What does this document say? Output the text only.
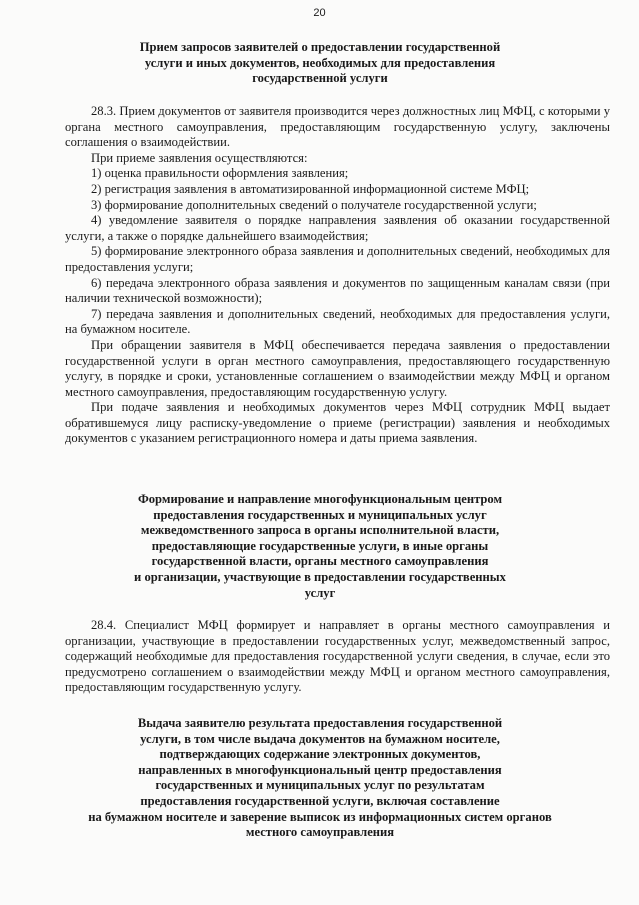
20
Прием запросов заявителей о предоставлении государственной
услуги и иных документов, необходимых для предоставления
государственной услуги

28.3. Прием документов от заявителя производится через должностных лиц МФЦ, с которыми у органа местного самоуправления, предоставляющим государственную услугу, заключены соглашения о взаимодействии.

При приеме заявления осуществляются:

1) оценка правильности оформления заявления;

2) регистрация заявления в автоматизированной информационной системе МФЦ;

3) формирование дополнительных сведений о получателе государственной услуги;

4) уведомление заявителя о порядке направления заявления об оказании государственной услуги, а также о порядке дальнейшего взаимодействия;

5) формирование электронного образа заявления и дополнительных сведений, необходимых для предоставления услуги;

6) передача электронного образа заявления и документов по защищенным каналам связи (при наличии технической возможности);

7) передача заявления и дополнительных сведений, необходимых для предоставления услуги, на бумажном носителе.

При обращении заявителя в МФЦ обеспечивается передача заявления о предоставлении государственной услуги в орган местного самоуправления, предоставляющего государственную услугу, в порядке и сроки, установленные соглашением о взаимодействии между МФЦ и органом местного самоуправления, предоставляющим государственную услугу.

При подаче заявления и необходимых документов через МФЦ сотрудник МФЦ выдает обратившемуся лицу расписку-уведомление о приеме (регистрации) заявления и необходимых документов с указанием регистрационного номера и даты приема заявления.

Формирование и направление многофункциональным центром
предоставления государственных и муниципальных услуг
межведомственного запроса в органы исполнительной власти,
предоставляющие государственные услуги, в иные органы
государственной власти, органы местного самоуправления
и организации, участвующие в предоставлении государственных
услуг

28.4. Специалист МФЦ формирует и направляет в органы местного самоуправления и организации, участвующие в предоставлении государственных услуг, межведомственный запрос, содержащий необходимые для предоставления государственной услуги сведения, в случае, если это предусмотрено соглашением о взаимодействии между МФЦ и органом местного самоуправления, предоставляющим государственную услугу.

Выдача заявителю результата предоставления государственной
услуги, в том числе выдача документов на бумажном носителе,
подтверждающих содержание электронных документов,
направленных в многофункциональный центр предоставления
государственных и муниципальных услуг по результатам
предоставления государственной услуги, включая составление
на бумажном носителе и заверение выписок из информационных систем органов
местного самоуправления
